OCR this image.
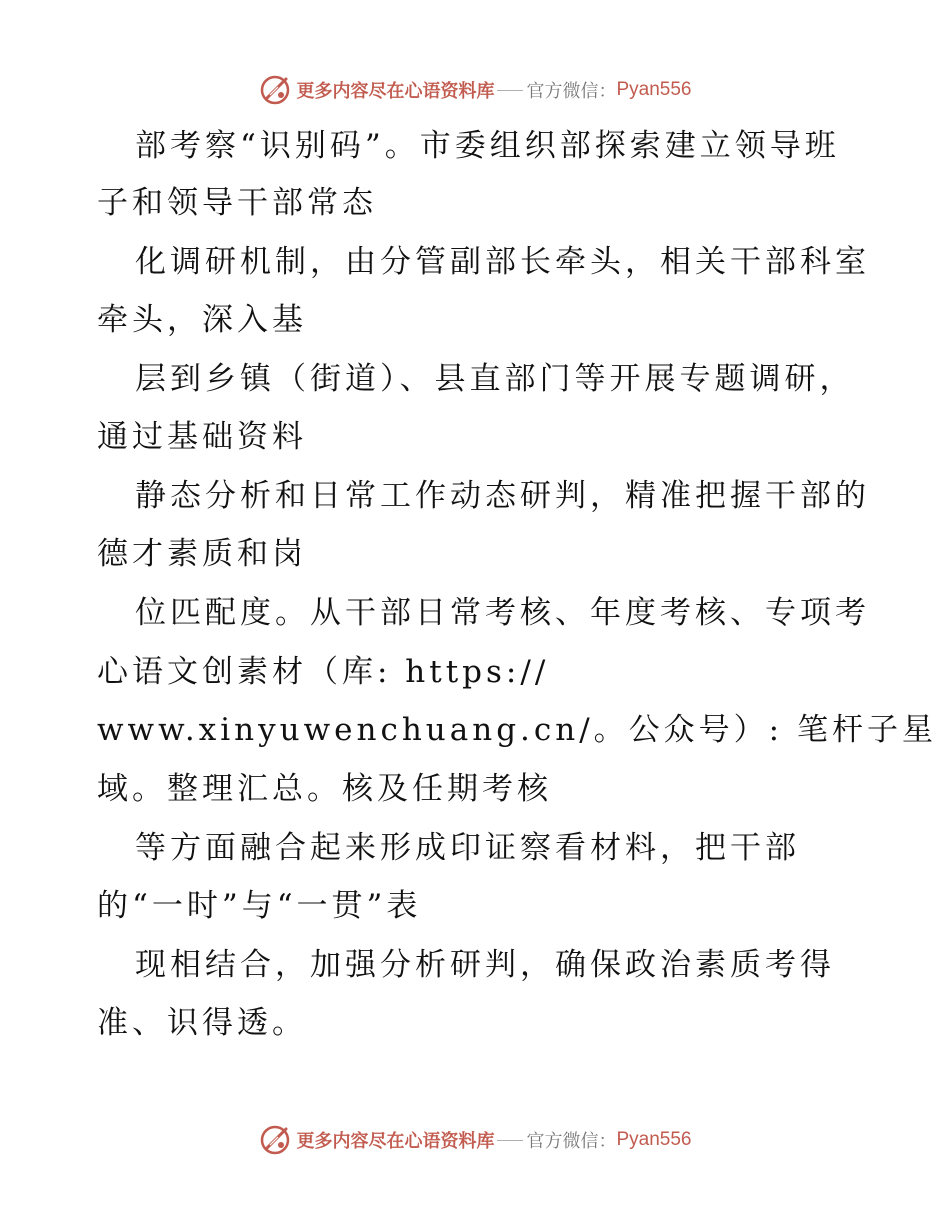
更多内容尽在心语资料库 官方微信： Pyan556
部考察“识别码”。市委组织部探索建立领导班
子和领导干部常态
化调研机制，由分管副部长牵头，相关干部科室
牵头，深入基
层到乡镇（街道）、县直部门等开展专题调研，
通过基础资料
静态分析和日常工作动态研判，精准把握干部的
德才素质和岗
位匹配度。从干部日常考核、年度考核、专项考
心语文创素材（库: https://
www.xinyuwenchuang.cn/。公众号）: 笔杆子星
域。整理汇总。核及任期考核
等方面融合起来形成印证察看材料，把干部
的“一时”与“一贯”表
现相结合，加强分析研判，确保政治素质考得
准、识得透。
更多内容尽在心语资料库 官方微信： Pyan556
